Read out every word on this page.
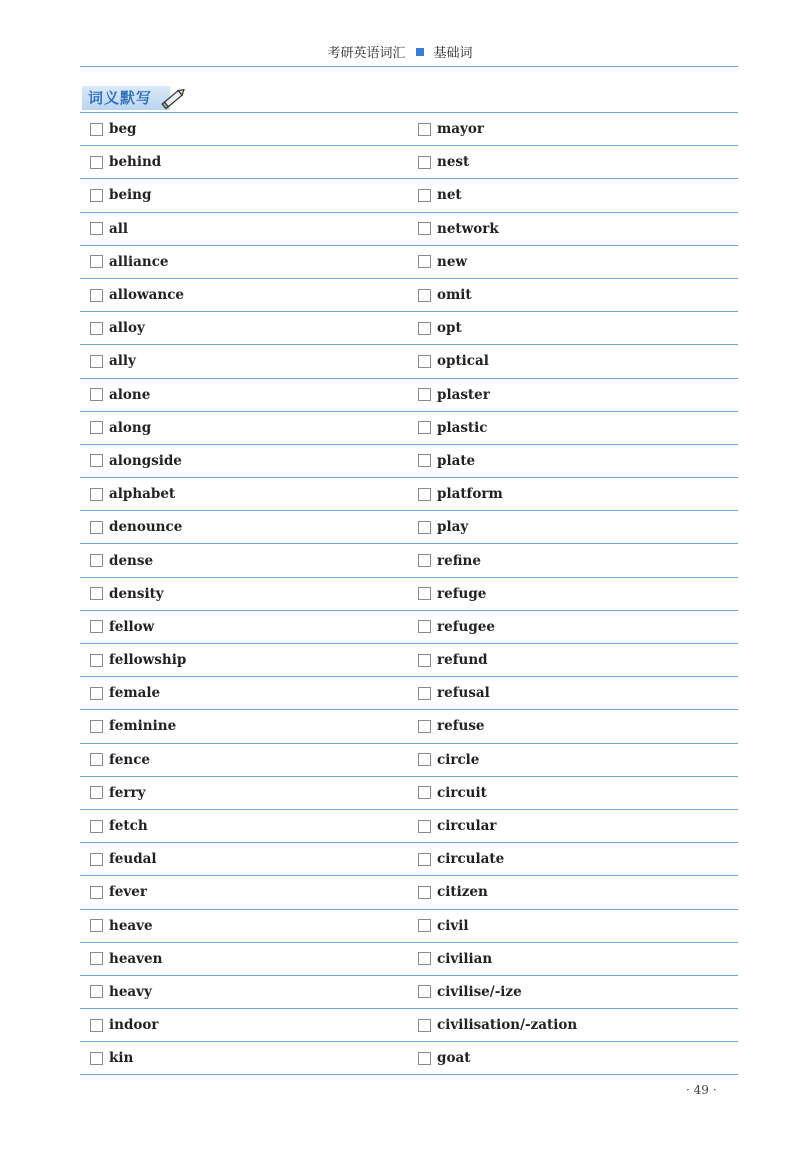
考研英语词汇 基础词
词义默写
beg	mayor
behind	nest
being	net
all	network
alliance	new
allowance	omit
alloy	opt
ally	optical
alone	plaster
along	plastic
alongside	plate
alphabet	platform
denounce	play
dense	refine
density	refuge
fellow	refugee
fellowship	refund
female	refusal
feminine	refuse
fence	circle
ferry	circuit
fetch	circular
feudal	circulate
fever	citizen
heave	civil
heaven	civilian
heavy	civilise/-ize
indoor	civilisation/-zation
kin	goat
· 49 ·
